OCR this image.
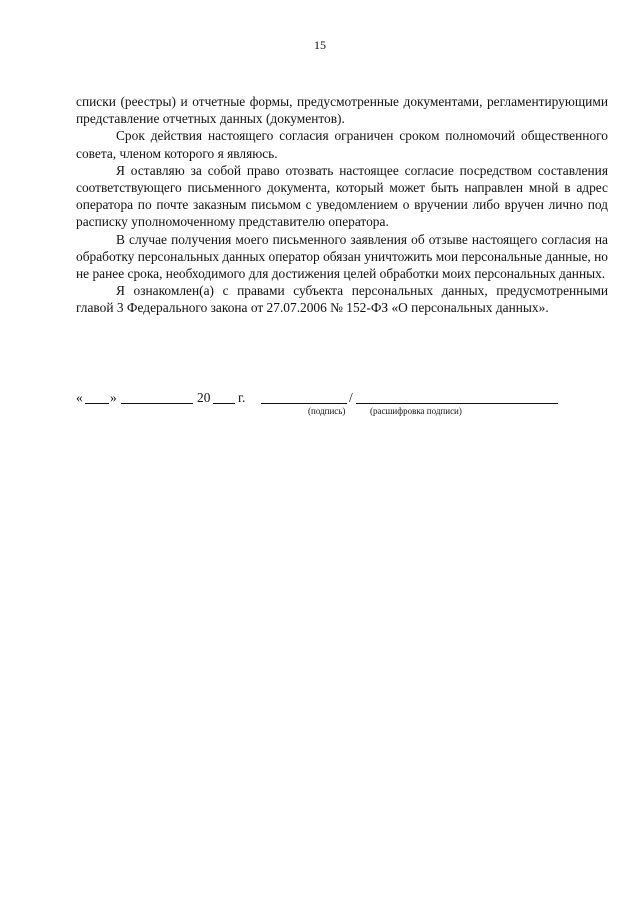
15

списки (реестры) и отчетные формы, предусмотренные документами, регламентирующими представление отчетных данных (документов).

Срок действия настоящего согласия ограничен сроком полномочий общественного совета, членом которого я являюсь.

Я оставляю за собой право отозвать настоящее согласие посредством составления соответствующего письменного документа, который может быть направлен мной в адрес оператора по почте заказным письмом с уведомлением о вручении либо вручен лично под расписку уполномоченному представителю оператора.

В случае получения моего письменного заявления об отзыве настоящего согласия на обработку персональных данных оператор обязан уничтожить мои персональные данные, но не ранее срока, необходимого для достижения целей обработки моих персональных данных.

Я ознакомлен(а) с правами субъекта персональных данных, предусмотренными главой 3 Федерального закона от 27.07.2006 № 152-ФЗ «О персональных данных».

« »	20 г.	/
(подпись)	(расшифровка подписи)
